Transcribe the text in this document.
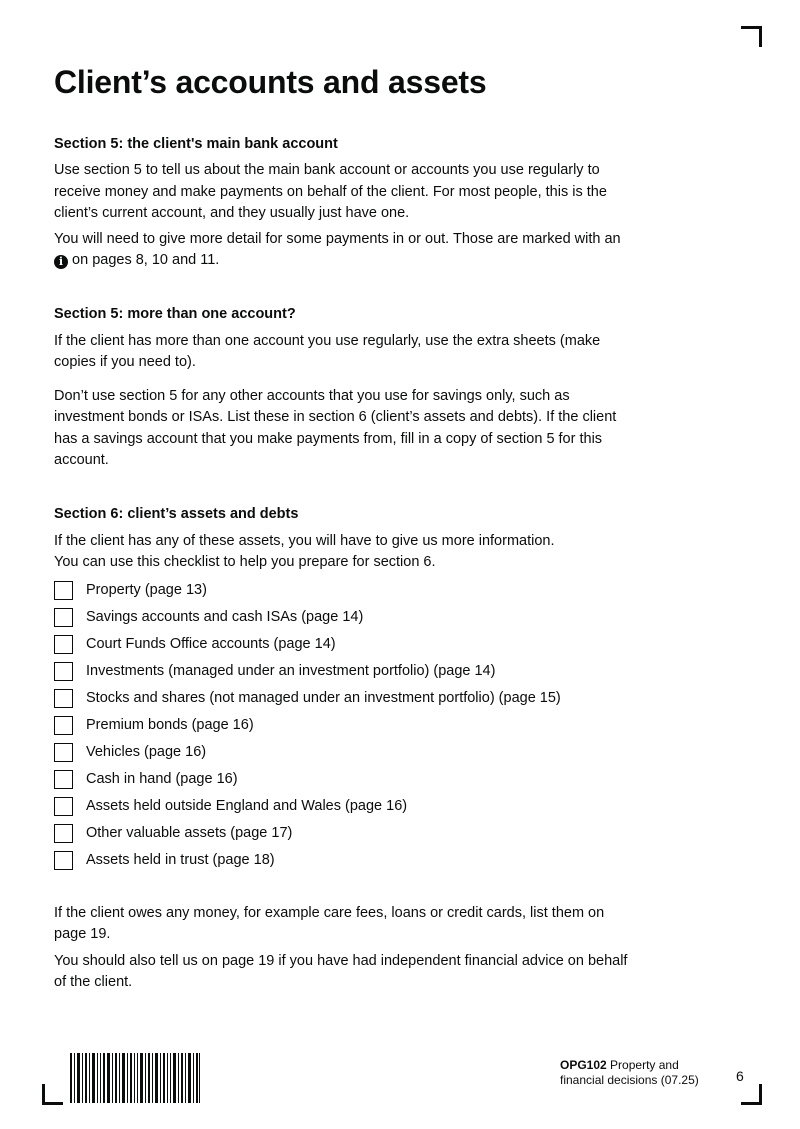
Client’s accounts and assets
Section 5: the client's main bank account

Use section 5 to tell us about the main bank account or accounts you use regularly to receive money and make payments on behalf of the client. For most people, this is the client’s current account, and they usually just have one.

You will need to give more detail for some payments in or out. Those are marked with an i on pages 8, 10 and 11.

Section 5: more than one account?

If the client has more than one account you use regularly, use the extra sheets (make copies if you need to).

Don’t use section 5 for any other accounts that you use for savings only, such as investment bonds or ISAs. List these in section 6 (client’s assets and debts). If the client has a savings account that you make payments from, fill in a copy of section 5 for this account.

Section 6: client’s assets and debts

If the client has any of these assets, you will have to give us more information.

You can use this checklist to help you prepare for section 6.

Property (page 13)
Savings accounts and cash ISAs (page 14)
Court Funds Office accounts (page 14)
Investments (managed under an investment portfolio) (page 14)
Stocks and shares (not managed under an investment portfolio) (page 15)
Premium bonds (page 16)
Vehicles (page 16)
Cash in hand (page 16)
Assets held outside England and Wales (page 16)
Other valuable assets (page 17)
Assets held in trust (page 18)

If the client owes any money, for example care fees, loans or credit cards, list them on page 19.

You should also tell us on page 19 if you have had independent financial advice on behalf of the client.

OPG102 Property and
financial decisions (07.25)	6
